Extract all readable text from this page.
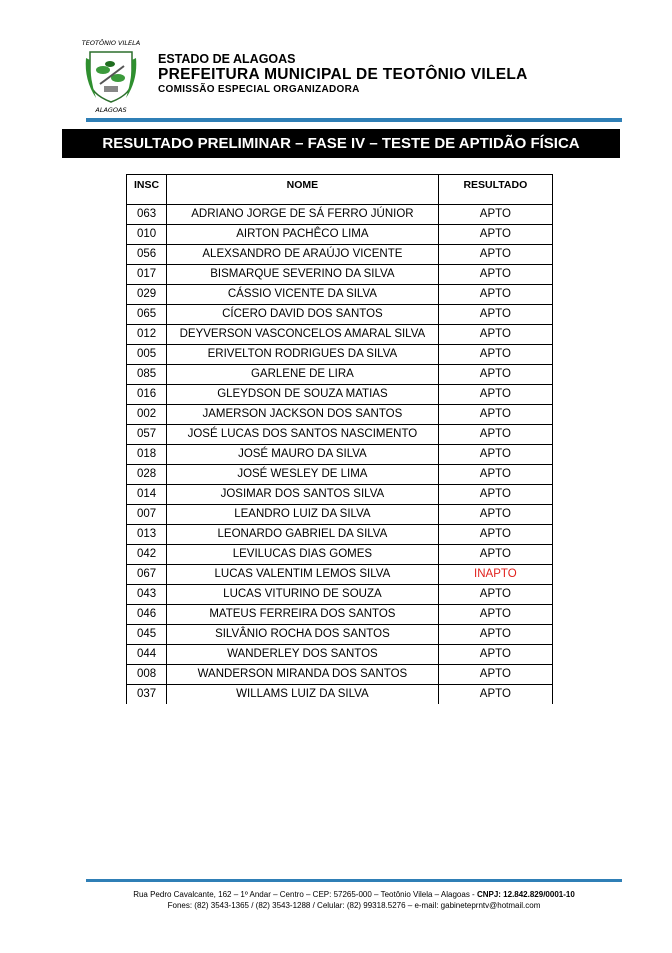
TEOTÔNIO VILELA
ALAGOAS
ESTADO DE ALAGOAS
PREFEITURA MUNICIPAL DE TEOTÔNIO VILELA
COMISSÃO ESPECIAL ORGANIZADORA
RESULTADO PRELIMINAR – FASE IV – TESTE DE APTIDÃO FÍSICA
INSC	NOME	RESULTADO
063	ADRIANO JORGE DE SÁ FERRO JÚNIOR	APTO
010	AIRTON PACHÊCO LIMA	APTO
056	ALEXSANDRO DE ARAÚJO VICENTE	APTO
017	BISMARQUE SEVERINO DA SILVA	APTO
029	CÁSSIO VICENTE DA SILVA	APTO
065	CÍCERO DAVID DOS SANTOS	APTO
012	DEYVERSON VASCONCELOS AMARAL SILVA	APTO
005	ERIVELTON RODRIGUES DA SILVA	APTO
085	GARLENE DE LIRA	APTO
016	GLEYDSON DE SOUZA MATIAS	APTO
002	JAMERSON JACKSON DOS SANTOS	APTO
057	JOSÉ LUCAS DOS SANTOS NASCIMENTO	APTO
018	JOSÉ MAURO DA SILVA	APTO
028	JOSÉ WESLEY DE LIMA	APTO
014	JOSIMAR DOS SANTOS SILVA	APTO
007	LEANDRO LUIZ DA SILVA	APTO
013	LEONARDO GABRIEL DA SILVA	APTO
042	LEVILUCAS DIAS GOMES	APTO
067	LUCAS VALENTIM LEMOS SILVA	INAPTO
043	LUCAS VITURINO DE SOUZA	APTO
046	MATEUS FERREIRA DOS SANTOS	APTO
045	SILVÂNIO ROCHA DOS SANTOS	APTO
044	WANDERLEY DOS SANTOS	APTO
008	WANDERSON MIRANDA DOS SANTOS	APTO
037	WILLAMS LUIZ DA SILVA	APTO
Rua Pedro Cavalcante, 162 – 1º Andar – Centro – CEP: 57265-000 – Teotônio Vilela – Alagoas - CNPJ: 12.842.829/0001-10
Fones: (82) 3543-1365 / (82) 3543-1288 / Celular: (82) 99318.5276 – e-mail: gabineteprntv@hotmail.com
